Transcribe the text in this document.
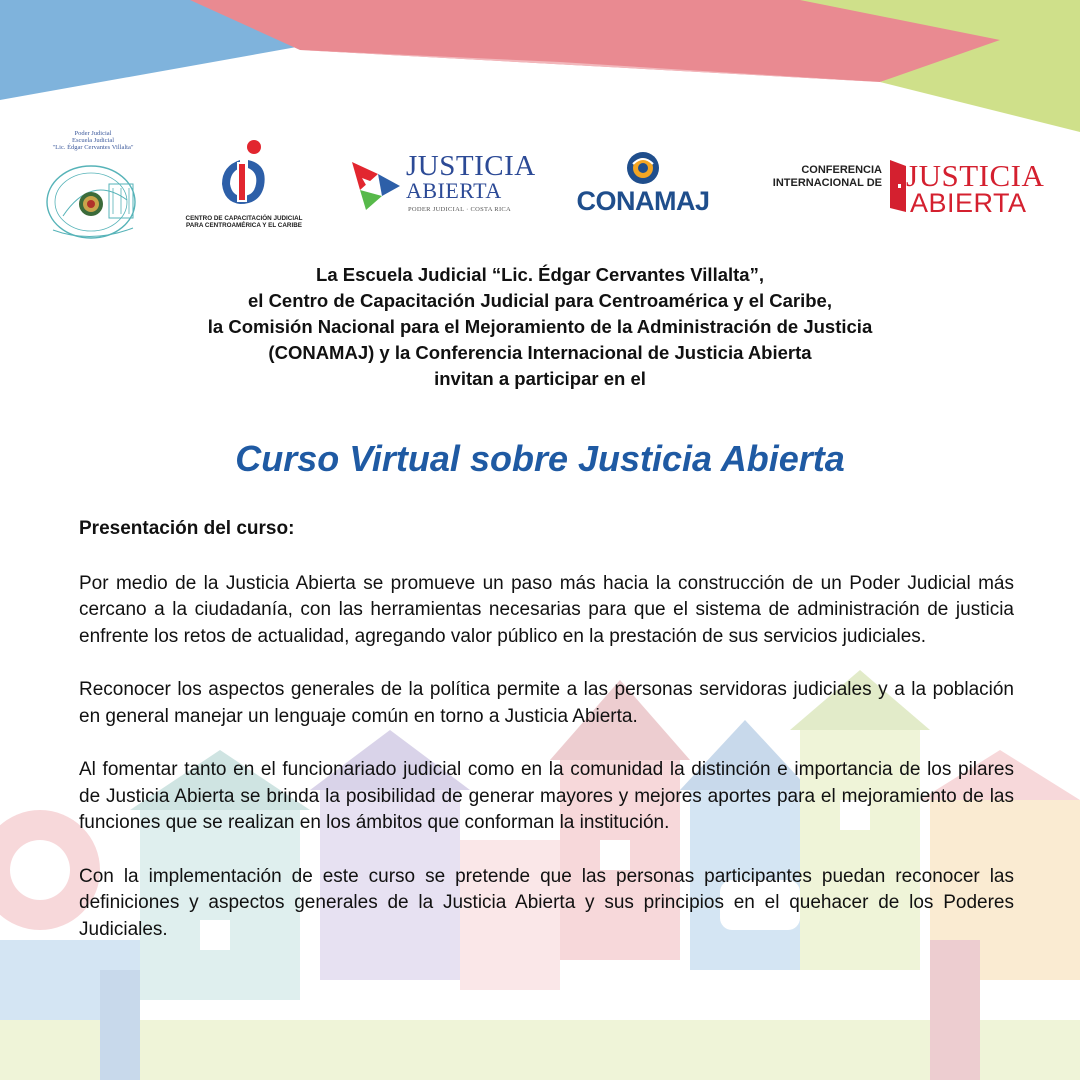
Poder Judicial
Escuela Judicial
"Lic. Édgar Cervantes Villalta"
CENTRO DE CAPACITACIÓN JUDICIAL
PARA CENTROAMÉRICA Y EL CARIBE
JUSTICIA
ABIERTA
PODER JUDICIAL · COSTA RICA	CONAMAJ
CONFERENCIA
INTERNACIONAL DE JUSTICIA
ABIERTA
La Escuela Judicial “Lic. Édgar Cervantes Villalta”,
el Centro de Capacitación Judicial para Centroamérica y el Caribe,
la Comisión Nacional para el Mejoramiento de la Administración de Justicia
(CONAMAJ) y la Conferencia Internacional de Justicia Abierta
invitan a participar en el
Curso Virtual sobre Justicia Abierta
Presentación del curso:

Por medio de la Justicia Abierta se promueve un paso más hacia la construcción de un Poder Judicial más cercano a la ciudadanía, con las herramientas necesarias para que el sistema de administración de justicia enfrente los retos de actualidad, agregando valor público en la prestación de sus servicios judiciales.

Reconocer los aspectos generales de la política permite a las personas servidoras judiciales y a la población en general manejar un lenguaje común en torno a Justicia Abierta.

Al fomentar tanto en el funcionariado judicial como en la comunidad la distinción e importancia de los pilares de Justicia Abierta se brinda la posibilidad de generar mayores y mejores aportes para el mejoramiento de las funciones que se realizan en los ámbitos que conforman la institución.

Con la implementación de este curso se pretende que las personas participantes puedan reconocer las definiciones y aspectos generales de la Justicia Abierta y sus principios en el quehacer de los Poderes Judiciales.
